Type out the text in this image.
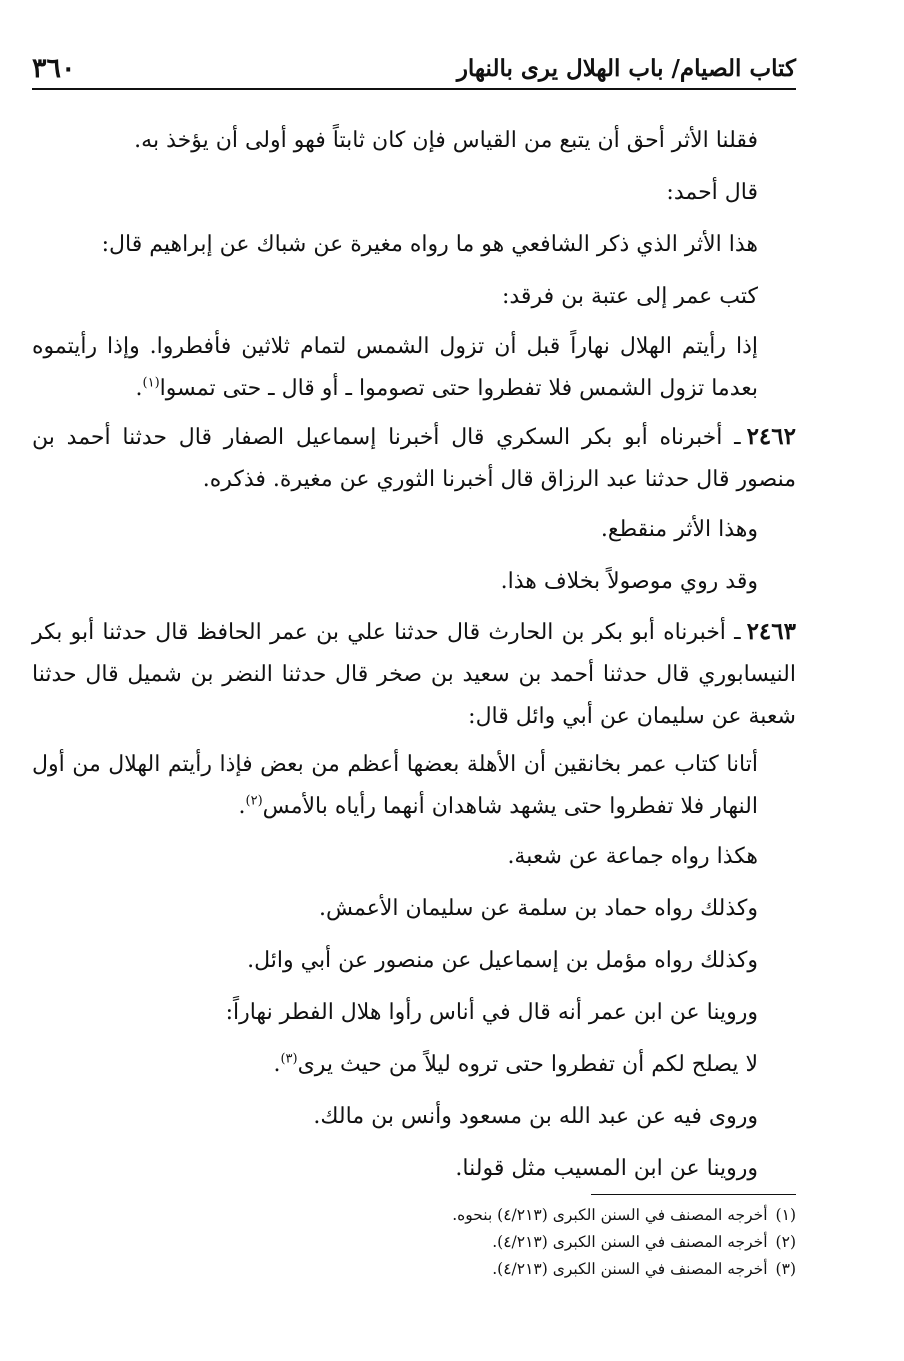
كتاب الصيام/ باب الهلال يرى بالنهار
٣٦٠

فقلنا الأثر أحق أن يتبع من القياس فإن كان ثابتاً فهو أولى أن يؤخذ به.

قال أحمد:

هذا الأثر الذي ذكر الشافعي هو ما رواه مغيرة عن شباك عن إبراهيم قال:

كتب عمر إلى عتبة بن فرقد:

إذا رأيتم الهلال نهاراً قبل أن تزول الشمس لتمام ثلاثين فأفطروا. وإذا رأيتموه بعدما تزول الشمس فلا تفطروا حتى تصوموا ـ أو قال ـ حتى تمسوا$^{(١)}$.

٢٤٦٢ـ أخبرناه أبو بكر السكري قال أخبرنا إسماعيل الصفار قال حدثنا أحمد بن منصور قال حدثنا عبد الرزاق قال أخبرنا الثوري عن مغيرة. فذكره.

وهذا الأثر منقطع.

وقد روي موصولاً بخلاف هذا.

٢٤٦٣ـ أخبرناه أبو بكر بن الحارث قال حدثنا علي بن عمر الحافظ قال حدثنا أبو بكر النيسابوري قال حدثنا أحمد بن سعيد بن صخر قال حدثنا النضر بن شميل قال حدثنا شعبة عن سليمان عن أبي وائل قال:

أتانا كتاب عمر بخانقين أن الأهلة بعضها أعظم من بعض فإذا رأيتم الهلال من أول النهار فلا تفطروا حتى يشهد شاهدان أنهما رأياه بالأمس$^{(٢)}$.

هكذا رواه جماعة عن شعبة.

وكذلك رواه حماد بن سلمة عن سليمان الأعمش.

وكذلك رواه مؤمل بن إسماعيل عن منصور عن أبي وائل.

وروينا عن ابن عمر أنه قال في أناس رأوا هلال الفطر نهاراً:

لا يصلح لكم أن تفطروا حتى تروه ليلاً من حيث يرى$^{(٣)}$.

وروى فيه عن عبد الله بن مسعود وأنس بن مالك.

وروينا عن ابن المسيب مثل قولنا.

(١)أخرجه المصنف في السنن الكبرى (٤/٢١٣) بنحوه.

(٢)أخرجه المصنف في السنن الكبرى (٤/٢١٣).

(٣)أخرجه المصنف في السنن الكبرى (٤/٢١٣).
